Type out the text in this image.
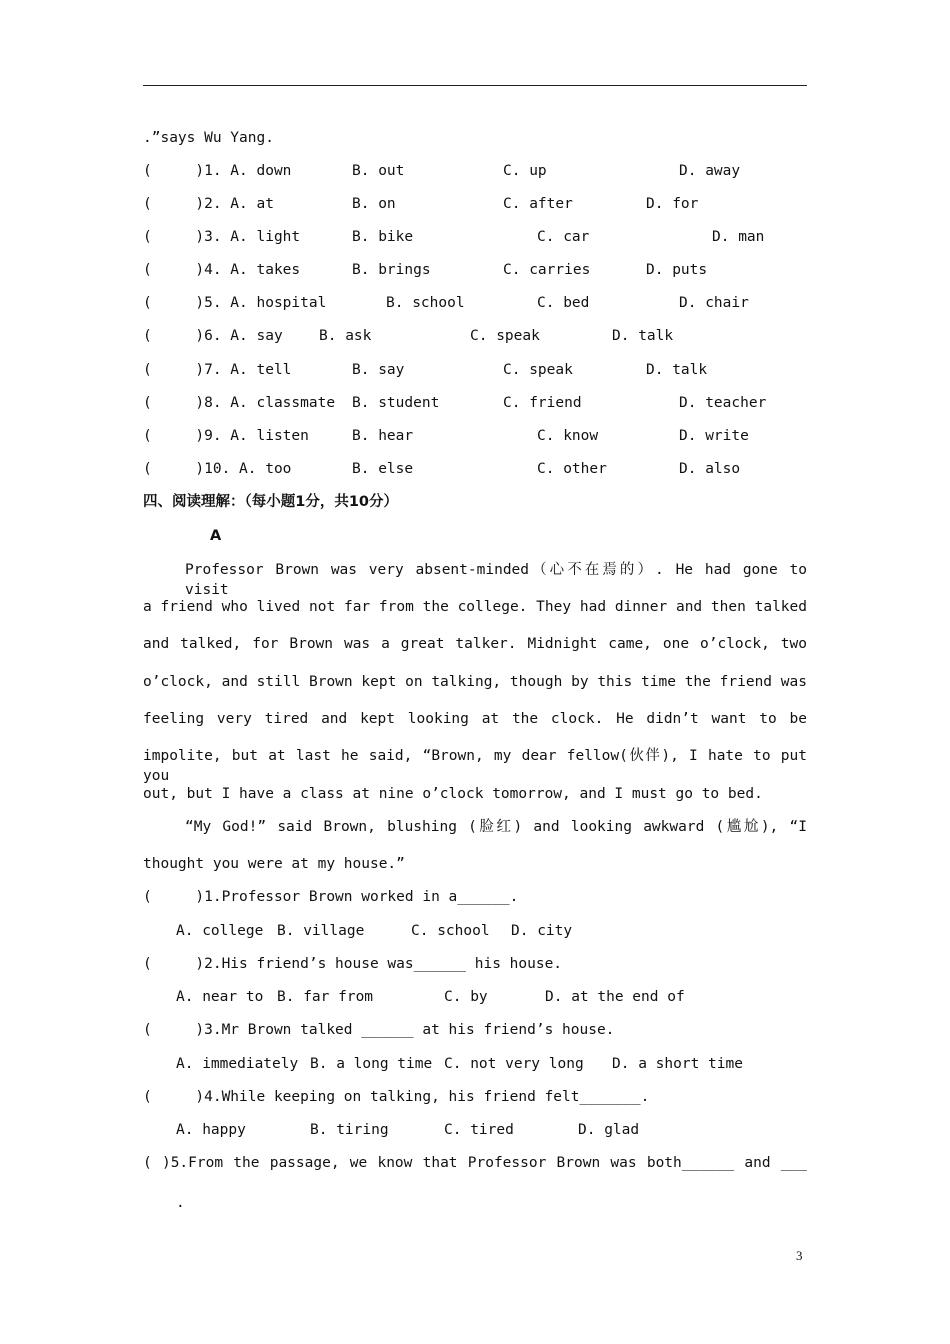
.”says Wu Yang.
(     )1. A. down	B. out	C. up	D. away
(     )2. A. at	B. on	C. after	D. for
(     )3. A. light	B. bike	C. car	D. man
(     )4. A. takes	B. brings	C. carries	D. puts
(     )5. A. hospital	B. school	C. bed	D. chair
(     )6. A. say	B. ask	C. speak	D. talk
(     )7. A. tell	B. say	C. speak	D. talk
(     )8. A. classmate B. student	C. friend	D. teacher
(     )9. A. listen	B. hear	C. know	D. write
(     )10. A. too	B. else	C. other	D. also
四、阅读理解：（每小题1分，共10分）
A
Professor Brown was very absent-minded（心不在焉的）. He had gone to visit
a friend who lived not far from the college. They had dinner and then talked
and talked, for Brown was a great talker. Midnight came, one o’clock, two
o’clock, and still Brown kept on talking, though by this time the friend was
feeling very tired and kept looking at the clock. He didn’t want to be
impolite, but at last he said, “Brown, my dear fellow(伙伴), I hate to put you
out, but I have a class at nine o’clock tomorrow, and I must go to bed.
“My God!” said Brown, blushing (脸红) and looking awkward (尴尬), “I
thought you were at my house.”
(     )1.Professor Brown worked in a______.
A. college B. village	C. school D. city
(     )2.His friend’s house was______ his house.
A. near to B. far from	C. by	D. at the end of
(     )3.Mr Brown talked ______ at his friend’s house.
A. immediately B. a long time C. not very long D. a short time
(     )4.While keeping on talking, his friend felt_______.
A. happy	B. tiring	C. tired	D. glad
( )5.From the passage, we know that Professor Brown was both______ and ___
.
3
